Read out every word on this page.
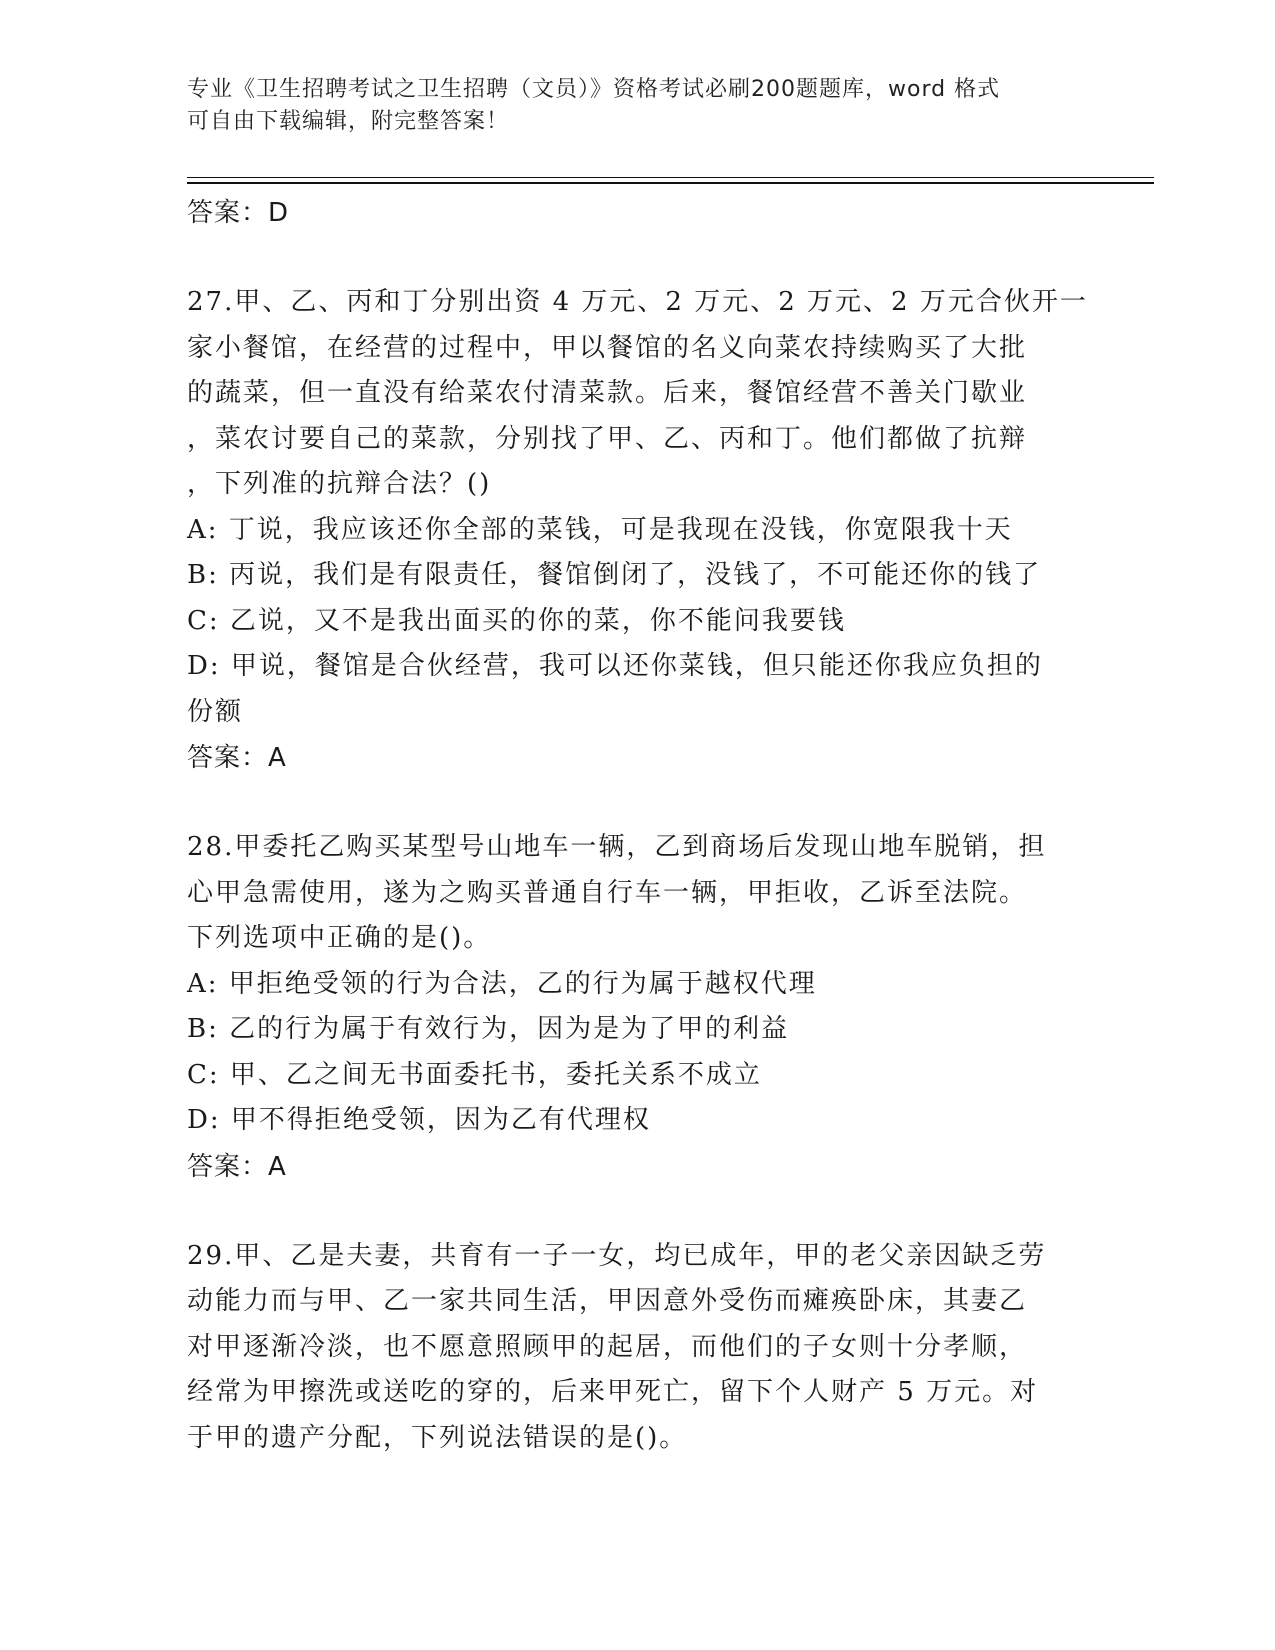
专业《卫生招聘考试之卫生招聘（文员）》资格考试必刷200题题库，word 格式
可自由下载编辑，附完整答案！
答案：D
27.甲、乙、丙和丁分别出资 4 万元、2 万元、2 万元、2 万元合伙开一
家小餐馆，在经营的过程中，甲以餐馆的名义向菜农持续购买了大批
的蔬菜，但一直没有给菜农付清菜款。后来，餐馆经营不善关门歇业
，菜农讨要自己的菜款，分别找了甲、乙、丙和丁。他们都做了抗辩
，下列准的抗辩合法？()
A: 丁说，我应该还你全部的菜钱，可是我现在没钱，你宽限我十天
B: 丙说，我们是有限责任，餐馆倒闭了，没钱了，不可能还你的钱了
C: 乙说，又不是我出面买的你的菜，你不能问我要钱
D: 甲说，餐馆是合伙经营，我可以还你菜钱，但只能还你我应负担的
份额
答案：A
28.甲委托乙购买某型号山地车一辆，乙到商场后发现山地车脱销，担
心甲急需使用，遂为之购买普通自行车一辆，甲拒收，乙诉至法院。
下列选项中正确的是()。
A: 甲拒绝受领的行为合法，乙的行为属于越权代理
B: 乙的行为属于有效行为，因为是为了甲的利益
C: 甲、乙之间无书面委托书，委托关系不成立
D: 甲不得拒绝受领，因为乙有代理权
答案：A
29.甲、乙是夫妻，共育有一子一女，均已成年，甲的老父亲因缺乏劳
动能力而与甲、乙一家共同生活，甲因意外受伤而瘫痪卧床，其妻乙
对甲逐渐冷淡，也不愿意照顾甲的起居，而他们的子女则十分孝顺，
经常为甲擦洗或送吃的穿的，后来甲死亡，留下个人财产 5 万元。对
于甲的遗产分配，下列说法错误的是()。
